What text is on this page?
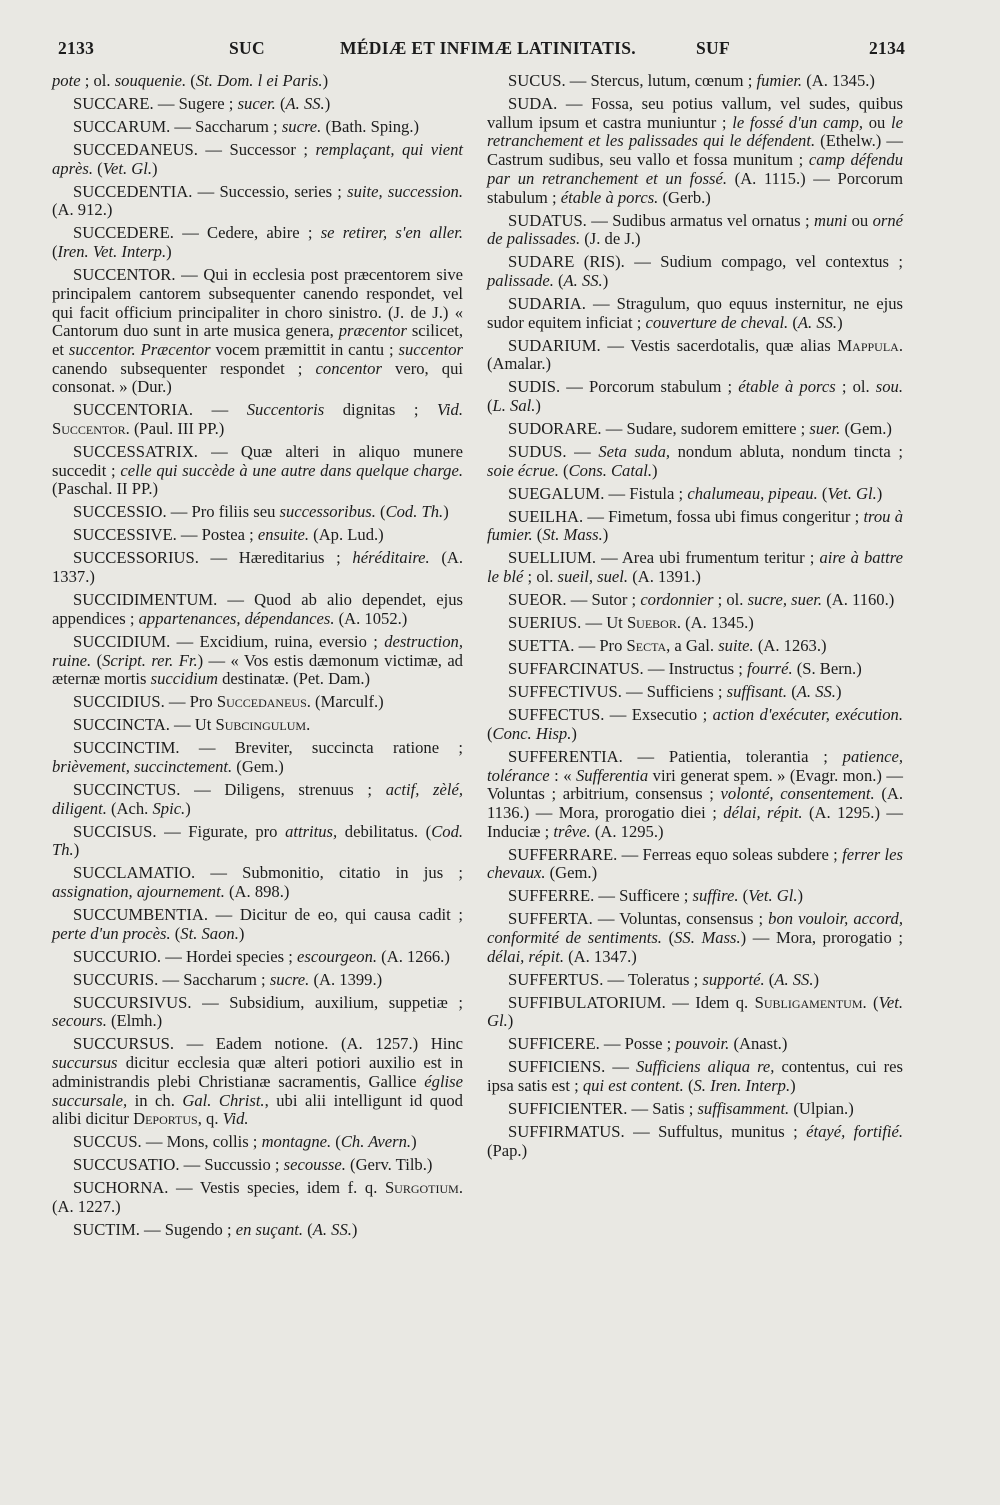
2133	SUC	MÉDIÆ ET INFIMÆ LATINITATIS.	SUF	2134

pote ; ol. souquenie. (St. Dom. l ei Paris.)

SUCCARE. — Sugere ; sucer. (A. SS.)

SUCCARUM. — Saccharum ; sucre. (Bath. Sping.)

SUCCEDANEUS. — Successor ; remplaçant, qui vient après. (Vet. Gl.)

SUCCEDENTIA. — Successio, series ; suite, succession. (A. 912.)

SUCCEDERE. — Cedere, abire ; se retirer, s'en aller. (Iren. Vet. Interp.)

SUCCENTOR. — Qui in ecclesia post præcentorem sive principalem cantorem subsequenter canendo respondet, vel qui facit officium principaliter in choro sinistro. (J. de J.) « Cantorum duo sunt in arte musica genera, præcentor scilicet, et succentor. Præcentor vocem præmittit in cantu ; succentor canendo subsequenter respondet ; concentor vero, qui consonat. » (Dur.)

SUCCENTORIA. — Succentoris dignitas ; Vid. Succentor. (Paul. III PP.)

SUCCESSATRIX. — Quæ alteri in aliquo munere succedit ; celle qui succède à une autre dans quelque charge. (Paschal. II PP.)

SUCCESSIO. — Pro filiis seu successoribus. (Cod. Th.)

SUCCESSIVE. — Postea ; ensuite. (Ap. Lud.)

SUCCESSORIUS. — Hæreditarius ; héréditaire. (A. 1337.)

SUCCIDIMENTUM. — Quod ab alio dependet, ejus appendices ; appartenances, dépendances. (A. 1052.)

SUCCIDIUM. — Excidium, ruina, eversio ; destruction, ruine. (Script. rer. Fr.) — « Vos estis dæmonum victimæ, ad æternæ mortis succidium destinatæ. (Pet. Dam.)

SUCCIDIUS. — Pro Succedaneus. (Marculf.)

SUCCINCTA. — Ut Subcingulum.

SUCCINCTIM. — Breviter, succincta ratione ; brièvement, succinctement. (Gem.)

SUCCINCTUS. — Diligens, strenuus ; actif, zèlé, diligent. (Ach. Spic.)

SUCCISUS. — Figurate, pro attritus, debilitatus. (Cod. Th.)

SUCCLAMATIO. — Submonitio, citatio in jus ; assignation, ajournement. (A. 898.)

SUCCUMBENTIA. — Dicitur de eo, qui causa cadit ; perte d'un procès. (St. Saon.)

SUCCURIO. — Hordei species ; escourgeon. (A. 1266.)

SUCCURIS. — Saccharum ; sucre. (A. 1399.)

SUCCURSIVUS. — Subsidium, auxilium, suppetiæ ; secours. (Elmh.)

SUCCURSUS. — Eadem notione. (A. 1257.) Hinc succursus dicitur ecclesia quæ alteri potiori auxilio est in administrandis plebi Christianæ sacramentis, Gallice église succursale, in ch. Gal. Christ., ubi alii intelligunt id quod alibi dicitur Deportus, q. Vid.

SUCCUS. — Mons, collis ; montagne. (Ch. Avern.)

SUCCUSATIO. — Succussio ; secousse. (Gerv. Tilb.)

SUCHORNA. — Vestis species, idem f. q. Surgotium. (A. 1227.)

SUCTIM. — Sugendo ; en suçant. (A. SS.)

SUCUS. — Stercus, lutum, cœnum ; fumier. (A. 1345.)

SUDA. — Fossa, seu potius vallum, vel sudes, quibus vallum ipsum et castra muniuntur ; le fossé d'un camp, ou le retranchement et les palissades qui le défendent. (Ethelw.) — Castrum sudibus, seu vallo et fossa munitum ; camp défendu par un retranchement et un fossé. (A. 1115.) — Porcorum stabulum ; étable à porcs. (Gerb.)

SUDATUS. — Sudibus armatus vel ornatus ; muni ou orné de palissades. (J. de J.)

SUDARE (RIS). — Sudium compago, vel contextus ; palissade. (A. SS.)

SUDARIA. — Stragulum, quo equus insternitur, ne ejus sudor equitem inficiat ; couverture de cheval. (A. SS.)

SUDARIUM. — Vestis sacerdotalis, quæ alias Mappula. (Amalar.)

SUDIS. — Porcorum stabulum ; étable à porcs ; ol. sou. (L. Sal.)

SUDORARE. — Sudare, sudorem emittere ; suer. (Gem.)

SUDUS. — Seta suda, nondum abluta, nondum tincta ; soie écrue. (Cons. Catal.)

SUEGALUM. — Fistula ; chalumeau, pipeau. (Vet. Gl.)

SUEILHA. — Fimetum, fossa ubi fimus congeritur ; trou à fumier. (St. Mass.)

SUELLIUM. — Area ubi frumentum teritur ; aire à battre le blé ; ol. sueil, suel. (A. 1391.)

SUEOR. — Sutor ; cordonnier ; ol. sucre, suer. (A. 1160.)

SUERIUS. — Ut Suebor. (A. 1345.)

SUETTA. — Pro Secta, a Gal. suite. (A. 1263.)

SUFFARCINATUS. — Instructus ; fourré. (S. Bern.)

SUFFECTIVUS. — Sufficiens ; suffisant. (A. SS.)

SUFFECTUS. — Exsecutio ; action d'exécuter, exécution. (Conc. Hisp.)

SUFFERENTIA. — Patientia, tolerantia ; patience, tolérance : « Sufferentia viri generat spem. » (Evagr. mon.) — Voluntas ; arbitrium, consensus ; volonté, consentement. (A. 1136.) — Mora, prorogatio diei ; délai, répit. (A. 1295.) — Induciæ ; trêve. (A. 1295.)

SUFFERRARE. — Ferreas equo soleas subdere ; ferrer les chevaux. (Gem.)

SUFFERRE. — Sufficere ; suffire. (Vet. Gl.)

SUFFERTA. — Voluntas, consensus ; bon vouloir, accord, conformité de sentiments. (SS. Mass.) — Mora, prorogatio ; délai, répit. (A. 1347.)

SUFFERTUS. — Toleratus ; supporté. (A. SS.)

SUFFIBULATORIUM. — Idem q. Subligamentum. (Vet. Gl.)

SUFFICERE. — Posse ; pouvoir. (Anast.)

SUFFICIENS. — Sufficiens aliqua re, contentus, cui res ipsa satis est ; qui est content. (S. Iren. Interp.)

SUFFICIENTER. — Satis ; suffisamment. (Ulpian.)

SUFFIRMATUS. — Suffultus, munitus ; étayé, fortifié. (Pap.)
